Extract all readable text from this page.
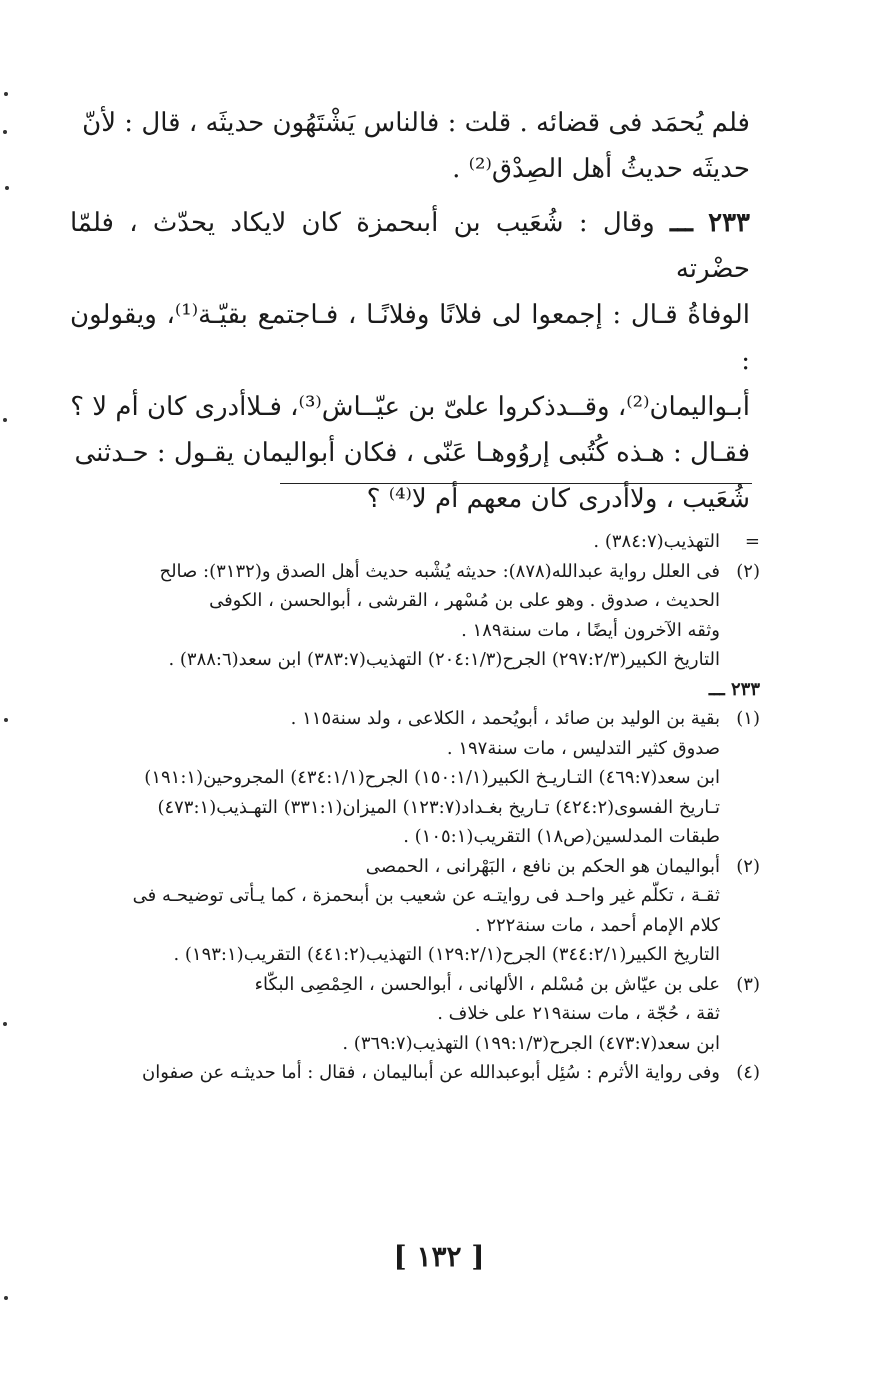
فلم يُحمَد فى قضائه . قلت : فالناس يَشْتَهُون حديثَه ، قال : لأنّ
حديثَه حديثُ أهل الصِدْق⁽²⁾ .

٢٣٣ ـــ وقال : شُعَيب بن أبىحمزة كان لايكاد يحدّث ، فلمّا حضْرته
الوفاةُ قـال : إجمعوا لى فلانًا وفلانًـا ، فـاجتمع بقيّـة⁽¹⁾، ويقولون :
أبـواليمان⁽²⁾، وقــدذكروا علىّ بن عيّــاش⁽³⁾، فـلاأدرى كان أم لا ؟
فقـال : هـذه كُتُبى إروُوهـا عَنّى ، فكان أبواليمان يقـول : حـدثنى
شُعَيب ، ولاأدرى كان معهم أم لا⁽⁴⁾ ؟

=
التهذيب(٣٨٤:٧) .
(٢)
فى العلل رواية عبدالله(٨٧٨): حديثه يُشْبه حديث أهل الصدق و(٣١٣٢): صالح
الحديث ، صدوق . وهو على بن مُسْهر ، القرشى ، أبوالحسن ، الكوفى
وثقه الآخرون أيضًا ، مات سنة١٨٩ .
التاريخ الكبير(٢٩٧:٢/٣) الجرح(٢٠٤:١/٣) التهذيب(٣٨٣:٧) ابن سعد(٣٨٨:٦) .
٢٣٣ ـــ
(١)
بقية بن الوليد بن صائد ، أبويُحمد ، الكلاعى ، ولد سنة١١٥ .
صدوق كثير التدليس ، مات سنة١٩٧ .
ابن سعد(٤٦٩:٧) التـاريـخ الكبير(١٥٠:١/١) الجرح(٤٣٤:١/١) المجروحين(١٩١:١)
تـاريخ الفسوى(٤٢٤:٢) تـاريخ بغـداد(١٢٣:٧) الميزان(٣٣١:١) التهـذيب(٤٧٣:١)
طبقات المدلسين(ص١٨) التقريب(١٠٥:١) .
(٢)
أبواليمان هو الحكم بن نافع ، البَهْرانى ، الحمصى
ثقـة ، تكلّم غير واحـد فى روايتـه عن شعيب بن أبىحمزة ، كما يـأتى توضيحـه فى
كلام الإمام أحمد ، مات سنة٢٢٢ .
التاريخ الكبير(٣٤٤:٢/١) الجرح(١٢٩:٢/١) التهذيب(٤٤١:٢) التقريب(١٩٣:١) .
(٣)
على بن عيّاش بن مُسْلم ، الألهانى ، أبوالحسن ، الحِمْصِى البكّاء
ثقة ، حُجّة ، مات سنة٢١٩ على خلاف .
ابن سعد(٤٧٣:٧) الجرح(١٩٩:١/٣) التهذيب(٣٦٩:٧) .
(٤)
وفى رواية الأثرم : سُئِل أبوعبدالله عن أبىاليمان ، فقال : أما حديثـه عن صفوان
[ ١٣٢ ]
